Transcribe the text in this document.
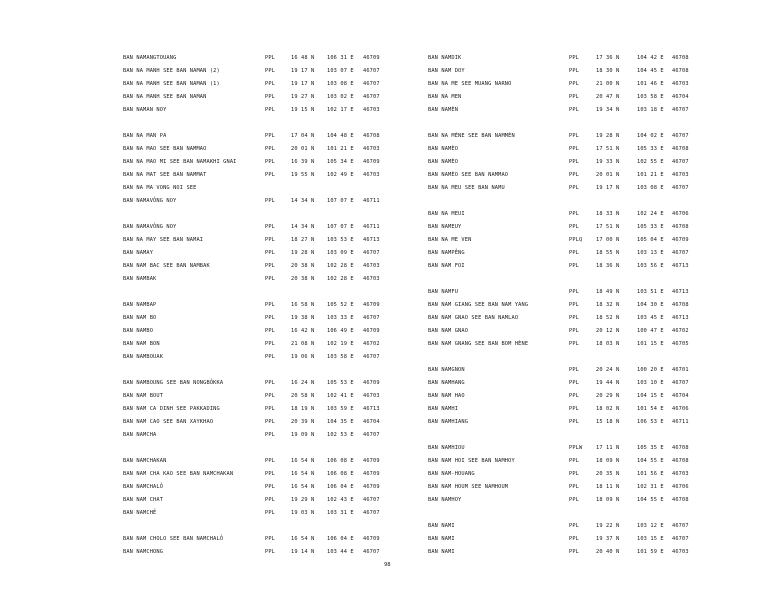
BAN NAMANGTOUANG	PPL	16 48 N 106 31 E 46709
BAN NA MANH SEE BAN NAMAN (2)	PPL	19 17 N 103 07 E 46707
BAN NA MANH SEE BAN NAMAN (1)	PPL	19 17 N 103 08 E 46707
BAN NA MANH SEE BAN NAMAN	PPL	19 27 N 103 02 E 46707
BAN NAMAN NOY	PPL	19 15 N 102 17 E 46703
BAN NA MAN PA	PPL	17 04 N 104 48 E 46708
BAN NA MAO SEE BAN NAMMAO	PPL	20 01 N 101 21 E 46703
BAN NA MAO MI SEE BAN NAMAKHI GNAI	PPL	16 39 N 105 34 E 46709
BAN NA MAT SEE BAN NAMMAT	PPL	19 55 N 102 49 E 46703
BAN NA MA VONG NOI SEE
BAN NAMAVỎNG NOY	PPL	14 34 N 107 07 E 46711
BAN NAMAVỎNG NOY	PPL	14 34 N 107 07 E 46711
BAN NA MAY SEE BAN NAMAI	PPL	18 27 N 103 53 E 46713
BAN NAMAY	PPL	19 28 N 103 09 E 46707
BAN NAM BAC SEE BAN NAMBAK	PPL	20 38 N 102 28 E 46703
BAN NAMBAK	PPL	20 38 N 102 28 E 46703
BAN NAMBAP	PPL	16 58 N 105 52 E 46709
BAN NAM BO	PPL	19 38 N 103 33 E 46707
BAN NAMBO	PPL	16 42 N 106 49 E 46709
BAN NAM BON	PPL	21 08 N 102 19 E 46702
BAN NAMBOUAK	PPL	19 06 N 103 58 E 46707
BAN NAMBOUNG SEE BAN NONGBỎKKA	PPL	16 24 N 105 53 E 46709
BAN NAM BOUT	PPL	20 58 N 102 41 E 46703
BAN NAM CA DINH SEE PAKKADING	PPL	18 19 N 103 59 E 46713
BAN NAM CAO SEE BAN XAYKHAO	PPL	20 39 N 104 35 E 46704
BAN NAMCHA	PPL	19 09 N 102 53 E 46707
BAN NAMCHAKAN	PPL	16 54 N 106 08 E 46709
BAN NAM CHA KAO SEE BAN NAMCHAKAN	PPL	16 54 N 106 08 E 46709
BAN NAMCHALỎ	PPL	16 54 N 106 04 E 46709
BAN NAM CHAT	PPL	19 29 N 102 43 E 46707
BAN NAMCHẺ	PPL	19 03 N 103 31 E 46707
BAN NAM CHOLO SEE BAN NAMCHALỎ	PPL	16 54 N 106 04 E 46709
BAN NAMCHONG	PPL	19 14 N 103 44 E 46707
BAN NAMDIK	PPL	17 36 N	104 42 E 46708
BAN NAM DOY	PPL	18 30 N	104 45 E 46708
BAN NA ME SEE MUANG NARNO	PPL	21 00 N	101 46 E 46703
BAN NA MEN	PPL	20 47 N	103 58 E 46704
BAN NAMÈN	PPL	19 34 N	103 18 E 46707
BAN NA MÈNE SEE BAN NAMMÈN	PPL	19 28 N	104 02 E 46707
BAN NAMÈO	PPL	17 51 N	105 33 E 46708
BAN NAMÈO	PPL	19 33 N	102 55 E 46707
BAN NAMÈO SEE BAN NAMMAO	PPL	20 01 N	101 21 E 46703
BAN NA MEU SEE BAN NAMU	PPL	19 17 N	103 08 E 46707
BAN NA MEUI	PPL	18 33 N	102 24 E 46706
BAN NAMEUY	PPL	17 51 N	105 33 E 46708
BAN NA ME VEN	PPLQ	17 00 N	105 04 E 46709
BAN NAMPẺNG	PPL	18 55 N	103 13 E 46707
BAN NAM FOI	PPL	18 36 N	103 56 E 46713
BAN NAMFU	PPL	18 49 N	103 51 E 46713
BAN NAM GIANG SEE BAN NAM YANG	PPL	18 32 N	104 30 E 46708
BAN NAM GNAO SEE BAN NAMLAO	PPL	18 52 N	103 45 E 46713
BAN NAM GNAO	PPL	20 12 N	100 47 E 46702
BAN NAM GNANG SEE BAN BOM HÈNE	PPL	18 03 N	101 15 E 46705
BAN NAMGNON	PPL	20 24 N	100 20 E 46701
BAN NAMHANG	PPL	19 44 N	103 10 E 46707
BAN NAM HAO	PPL	20 29 N	104 15 E 46704
BAN NAMHI	PPL	18 02 N	101 54 E 46706
BAN NAMHIANG	PPL	15 18 N	106 53 E 46711
BAN NAMHIOU	PPLW	17 11 N	105 35 E 46708
BAN NAM HOI SEE BAN NAMHOY	PPL	18 09 N	104 55 E 46708
BAN NAM-HOUANG	PPL	20 35 N	101 56 E 46703
BAN NAM HOUM SEE NAMHOUM	PPL	18 11 N	102 31 E 46706
BAN NAMHOY	PPL	18 09 N	104 55 E 46708
BAN NAMI	PPL	19 22 N	103 12 E 46707
BAN NAMI	PPL	19 37 N	103 15 E 46707
BAN NAMI	PPL	20 40 N	101 59 E 46703
98
